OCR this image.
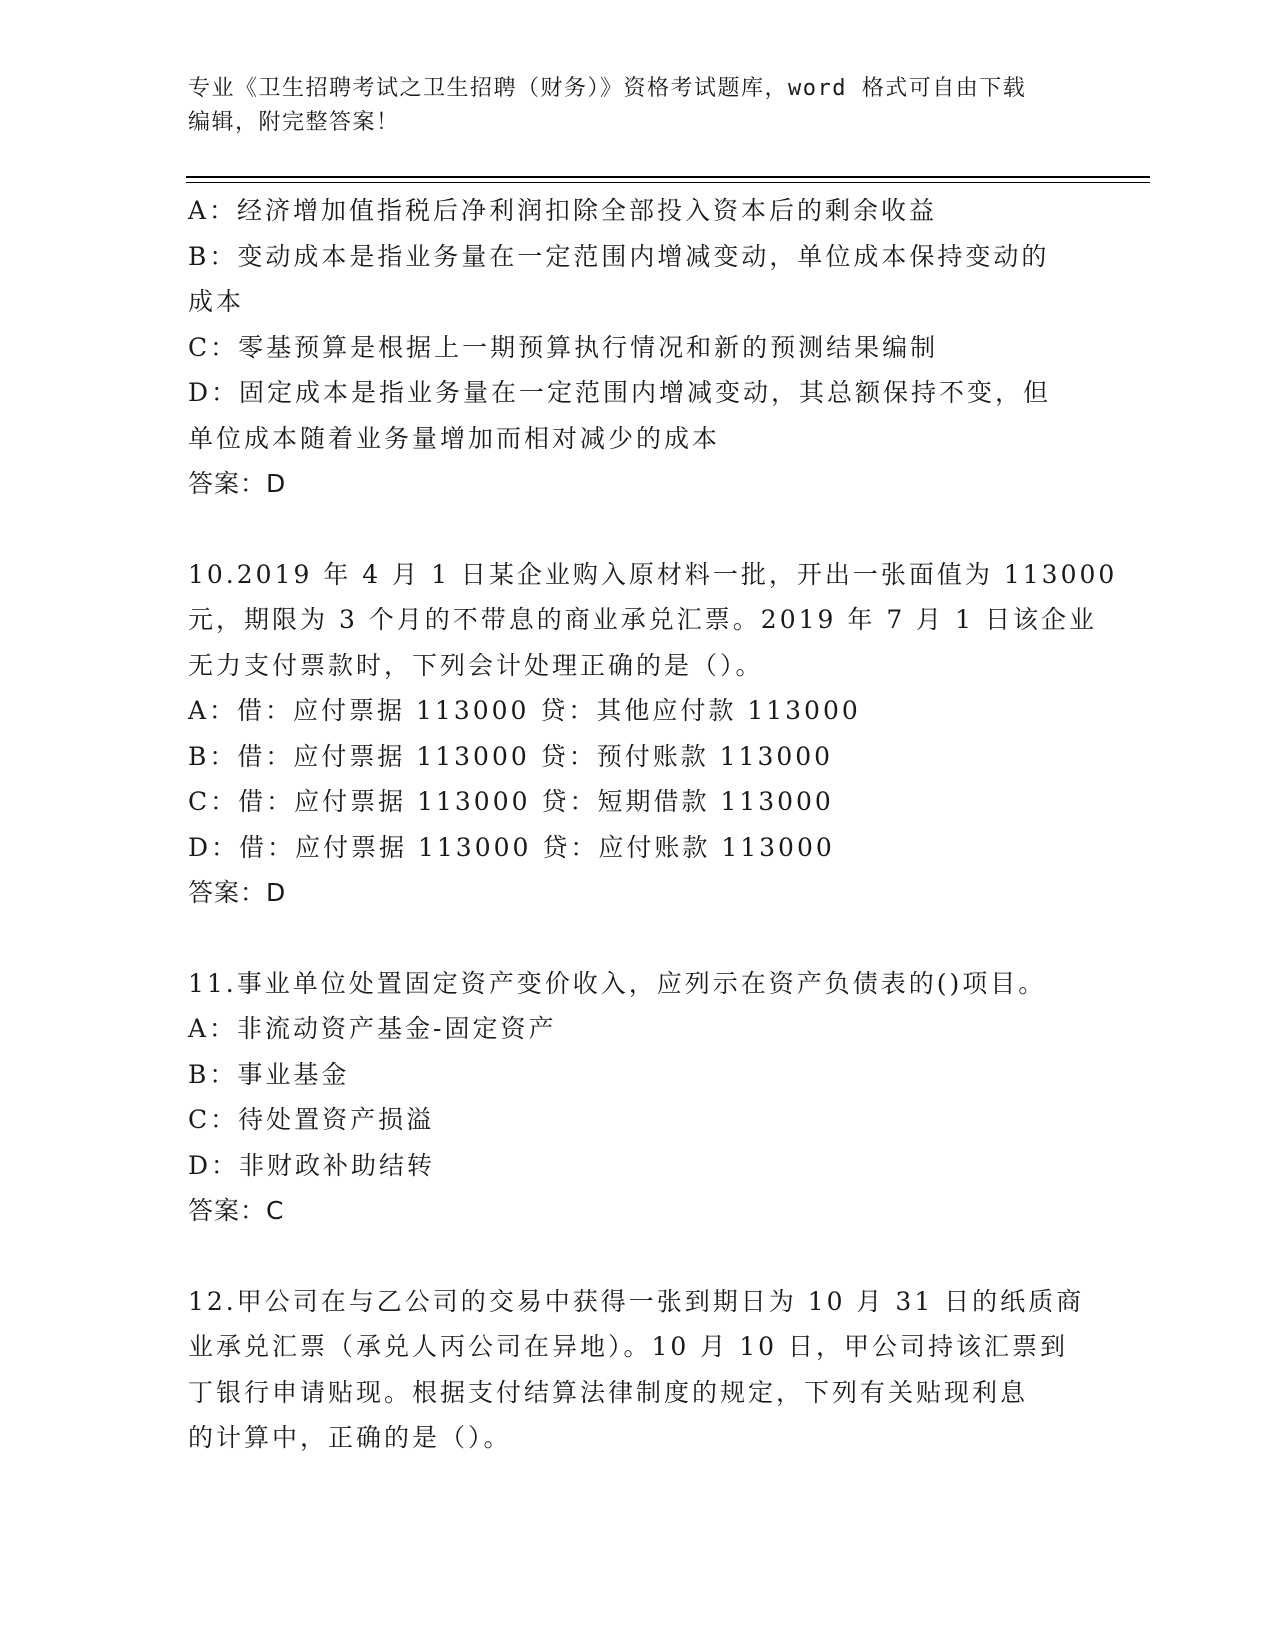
专业《卫生招聘考试之卫生招聘（财务）》资格考试题库，word 格式可自由下载
编辑，附完整答案！
A：经济增加值指税后净利润扣除全部投入资本后的剩余收益
B：变动成本是指业务量在一定范围内增减变动，单位成本保持变动的
成本
C：零基预算是根据上一期预算执行情况和新的预测结果编制
D：固定成本是指业务量在一定范围内增减变动，其总额保持不变，但
单位成本随着业务量增加而相对减少的成本
答案：D
10.2019 年 4 月 1 日某企业购入原材料一批，开出一张面值为 113000
元，期限为 3 个月的不带息的商业承兑汇票。2019 年 7 月 1 日该企业
无力支付票款时，下列会计处理正确的是（）。
A：借：应付票据 113000 贷：其他应付款 113000
B：借：应付票据 113000 贷：预付账款 113000
C：借：应付票据 113000 贷：短期借款 113000
D：借：应付票据 113000 贷：应付账款 113000
答案：D
11.事业单位处置固定资产变价收入，应列示在资产负债表的()项目。
A：非流动资产基金-固定资产
B：事业基金
C：待处置资产损溢
D：非财政补助结转
答案：C
12.甲公司在与乙公司的交易中获得一张到期日为 10 月 31 日的纸质商
业承兑汇票（承兑人丙公司在异地）。10 月 10 日，甲公司持该汇票到
丁银行申请贴现。根据支付结算法律制度的规定，下列有关贴现利息
的计算中，正确的是（）。
